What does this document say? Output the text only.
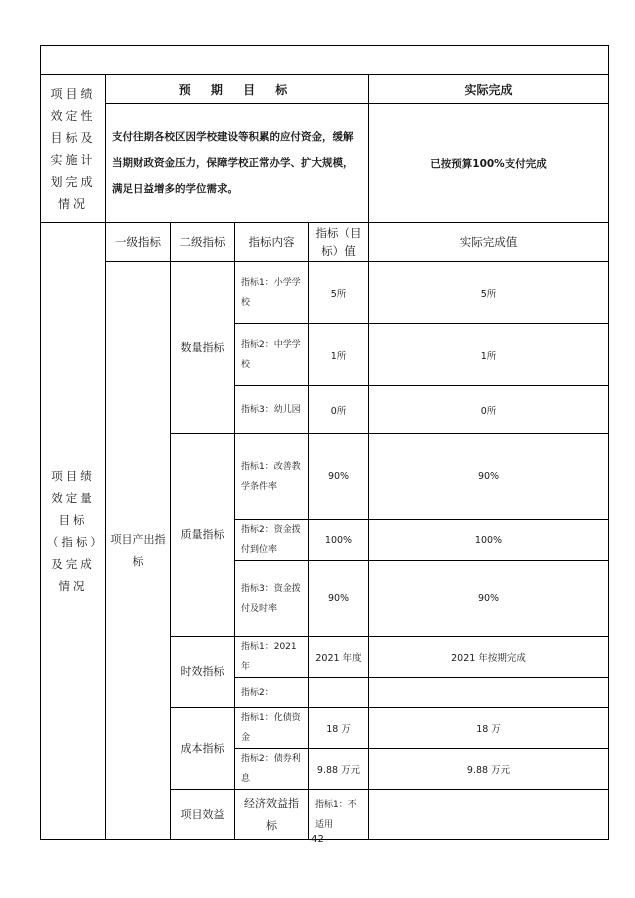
项目绩效定性目标及实施计划完成情况	预 期 目 标				实际完成	
	支付往期各校区因学校建设等积累的应付资金，缓解当期财政资金压力，保障学校正常办学、扩大规模，满足日益增多的学位需求。				已按预算100%支付完成	
项目绩效定量目标（指标）及完成情况	一级指标	二级指标	指标内容	指标（目标）值	实际完成值	
	项目产出指标	数量指标	指标1：小学学校	5所	5所	
			指标2：中学学校	1所	1所	
			指标3：幼儿园	0所	0所	
		质量指标	指标1：改善教学条件率	90%	90%	
			指标2：资金拨付到位率	100%	100%	
			指标3：资金拨付及时率	90%	90%	
		时效指标	指标1：2021年	2021 年度	2021 年按期完成	
			指标2：			
		成本指标	指标1：化债资金	18 万	18 万	
			指标2：债券利息	9.88 万元	9.88 万元	
		项目效益	经济效益指标	指标1：不适用		
42
